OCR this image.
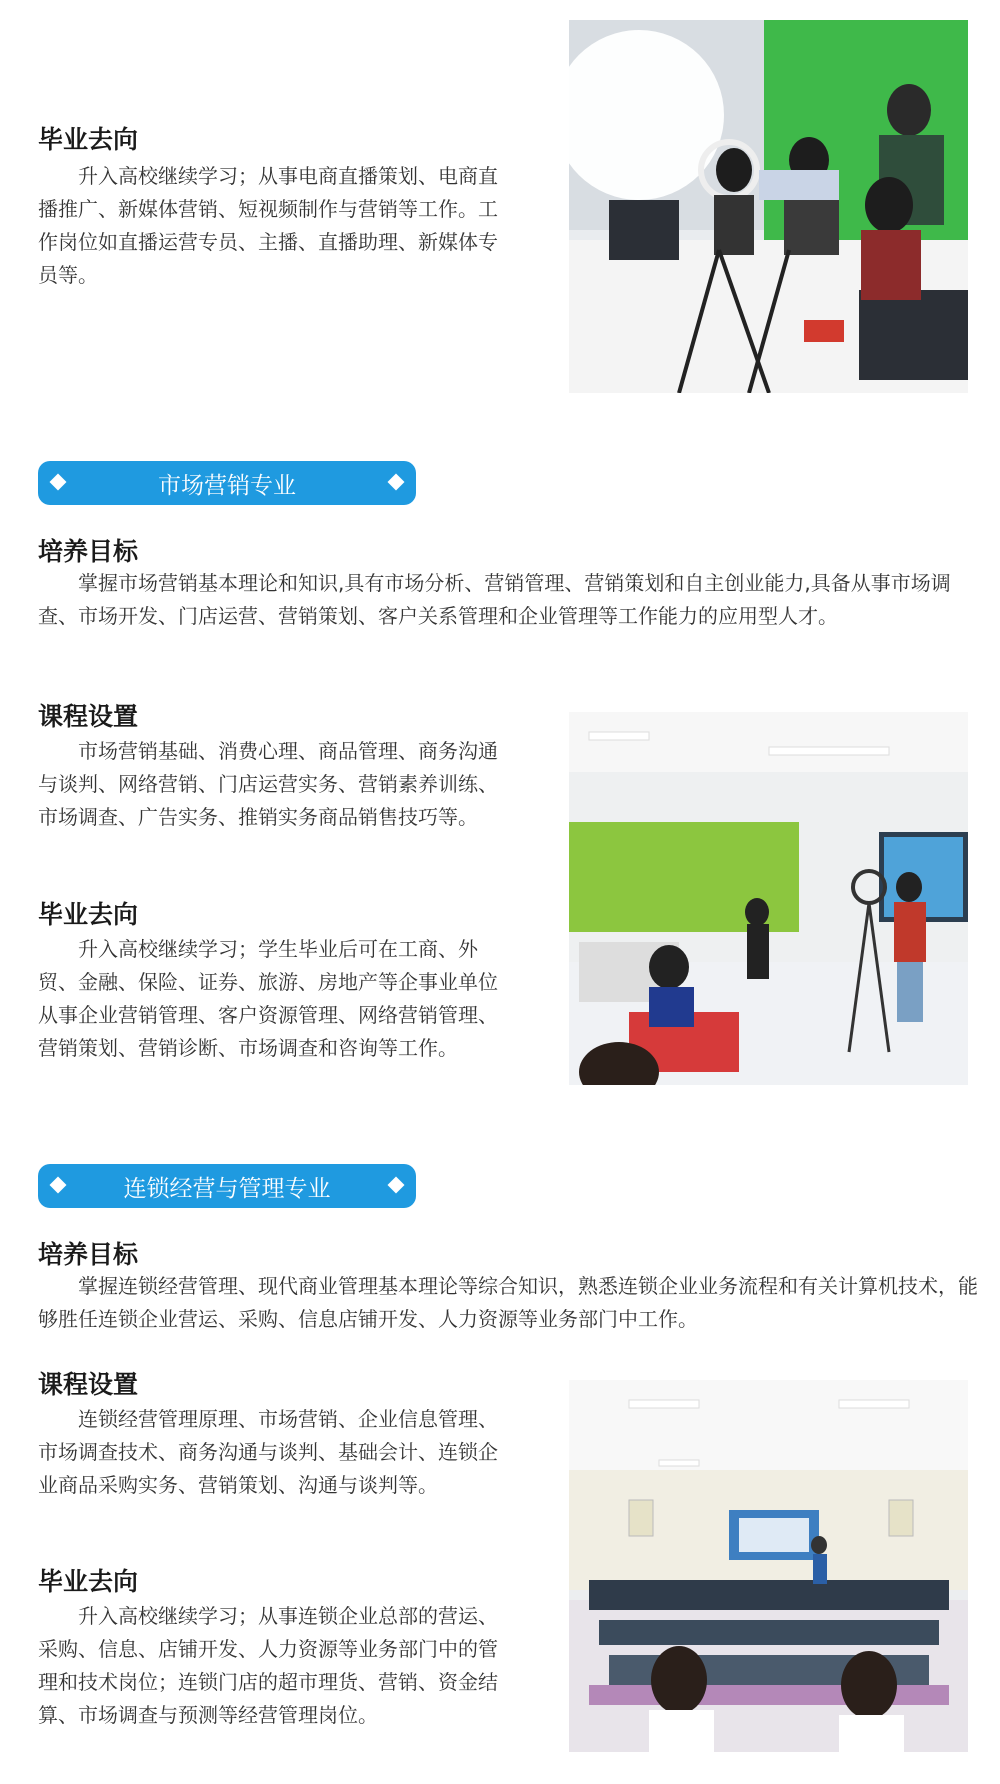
毕业去向

升入高校继续学习；从事电商直播策划、电商直播推广、新媒体营销、短视频制作与营销等工作。工作岗位如直播运营专员、主播、直播助理、新媒体专员等。

市场营销专业
培养目标

掌握市场营销基本理论和知识,具有市场分析、营销管理、营销策划和自主创业能力,具备从事市场调查、市场开发、门店运营、营销策划、客户关系管理和企业管理等工作能力的应用型人才。

课程设置

市场营销基础、消费心理、商品管理、商务沟通与谈判、网络营销、门店运营实务、营销素养训练、市场调查、广告实务、推销实务商品销售技巧等。

毕业去向

升入高校继续学习；学生毕业后可在工商、外贸、金融、保险、证券、旅游、房地产等企事业单位从事企业营销管理、客户资源管理、网络营销管理、营销策划、营销诊断、市场调查和咨询等工作。

连锁经营与管理专业
培养目标

掌握连锁经营管理、现代商业管理基本理论等综合知识，熟悉连锁企业业务流程和有关计算机技术，能够胜任连锁企业营运、采购、信息店铺开发、人力资源等业务部门中工作。

课程设置

连锁经营管理原理、市场营销、企业信息管理、市场调查技术、商务沟通与谈判、基础会计、连锁企业商品采购实务、营销策划、沟通与谈判等。

毕业去向

升入高校继续学习；从事连锁企业总部的营运、采购、信息、店铺开发、人力资源等业务部门中的管理和技术岗位；连锁门店的超市理货、营销、资金结算、市场调查与预测等经营管理岗位。
